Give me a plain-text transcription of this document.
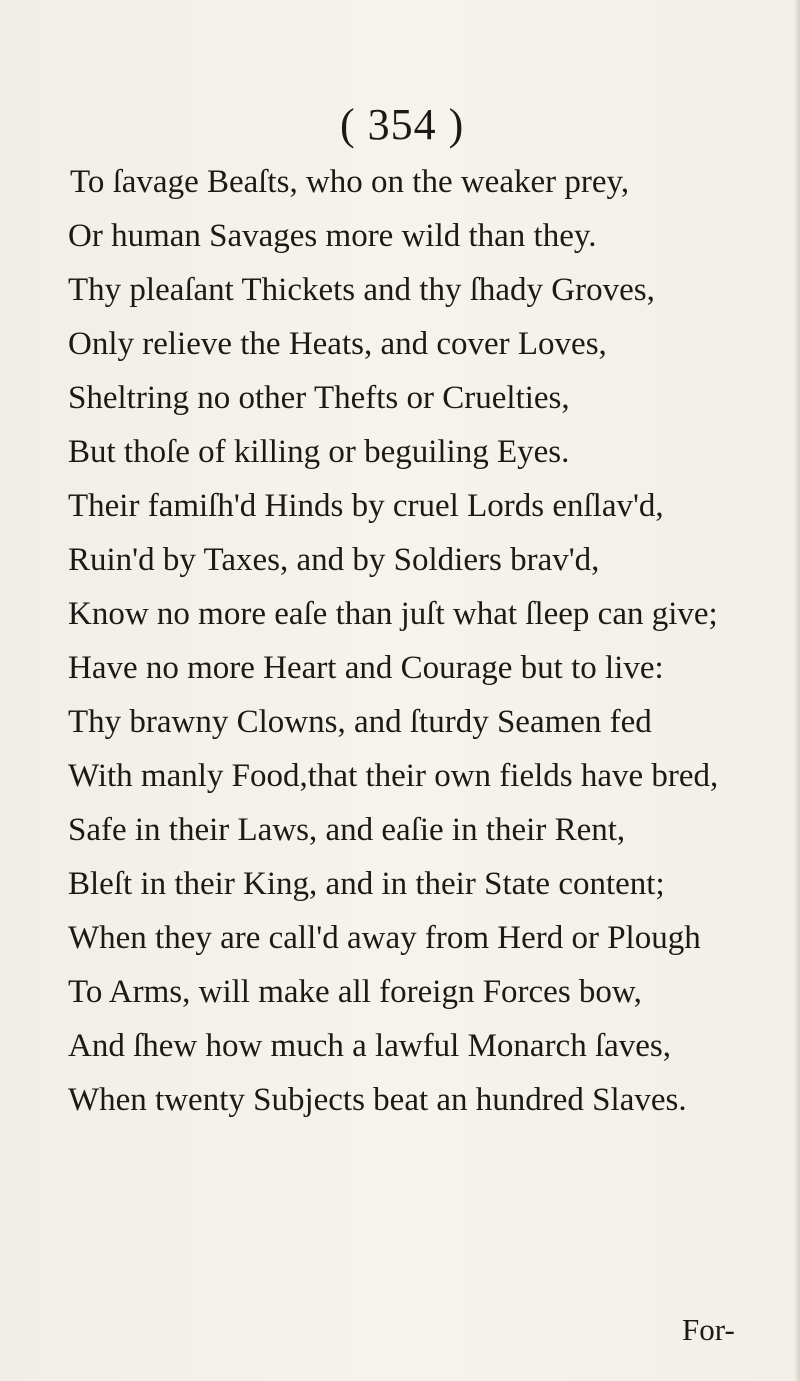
( 354 )
To ſavage Beaſts, who on the weaker prey,
Or human Savages more wild than they.
Thy pleaſant Thickets and thy ſhady Groves,
Only relieve the Heats, and cover Loves,
Sheltring no other Thefts or Cruelties,
But thoſe of killing or beguiling Eyes.
Their famiſh'd Hinds by cruel Lords enſlav'd,
Ruin'd by Taxes, and by Soldiers brav'd,
Know no more eaſe than juſt what ſleep can give;
Have no more Heart and Courage but to live:
Thy brawny Clowns, and ſturdy Seamen fed
With manly Food,that their own fields have bred,
Safe in their Laws, and eaſie in their Rent,
Bleſt in their King, and in their State content;
When they are call'd away from Herd or Plough
To Arms, will make all foreign Forces bow,
And ſhew how much a lawful Monarch ſaves,
When twenty Subjects beat an hundred Slaves.
For-
